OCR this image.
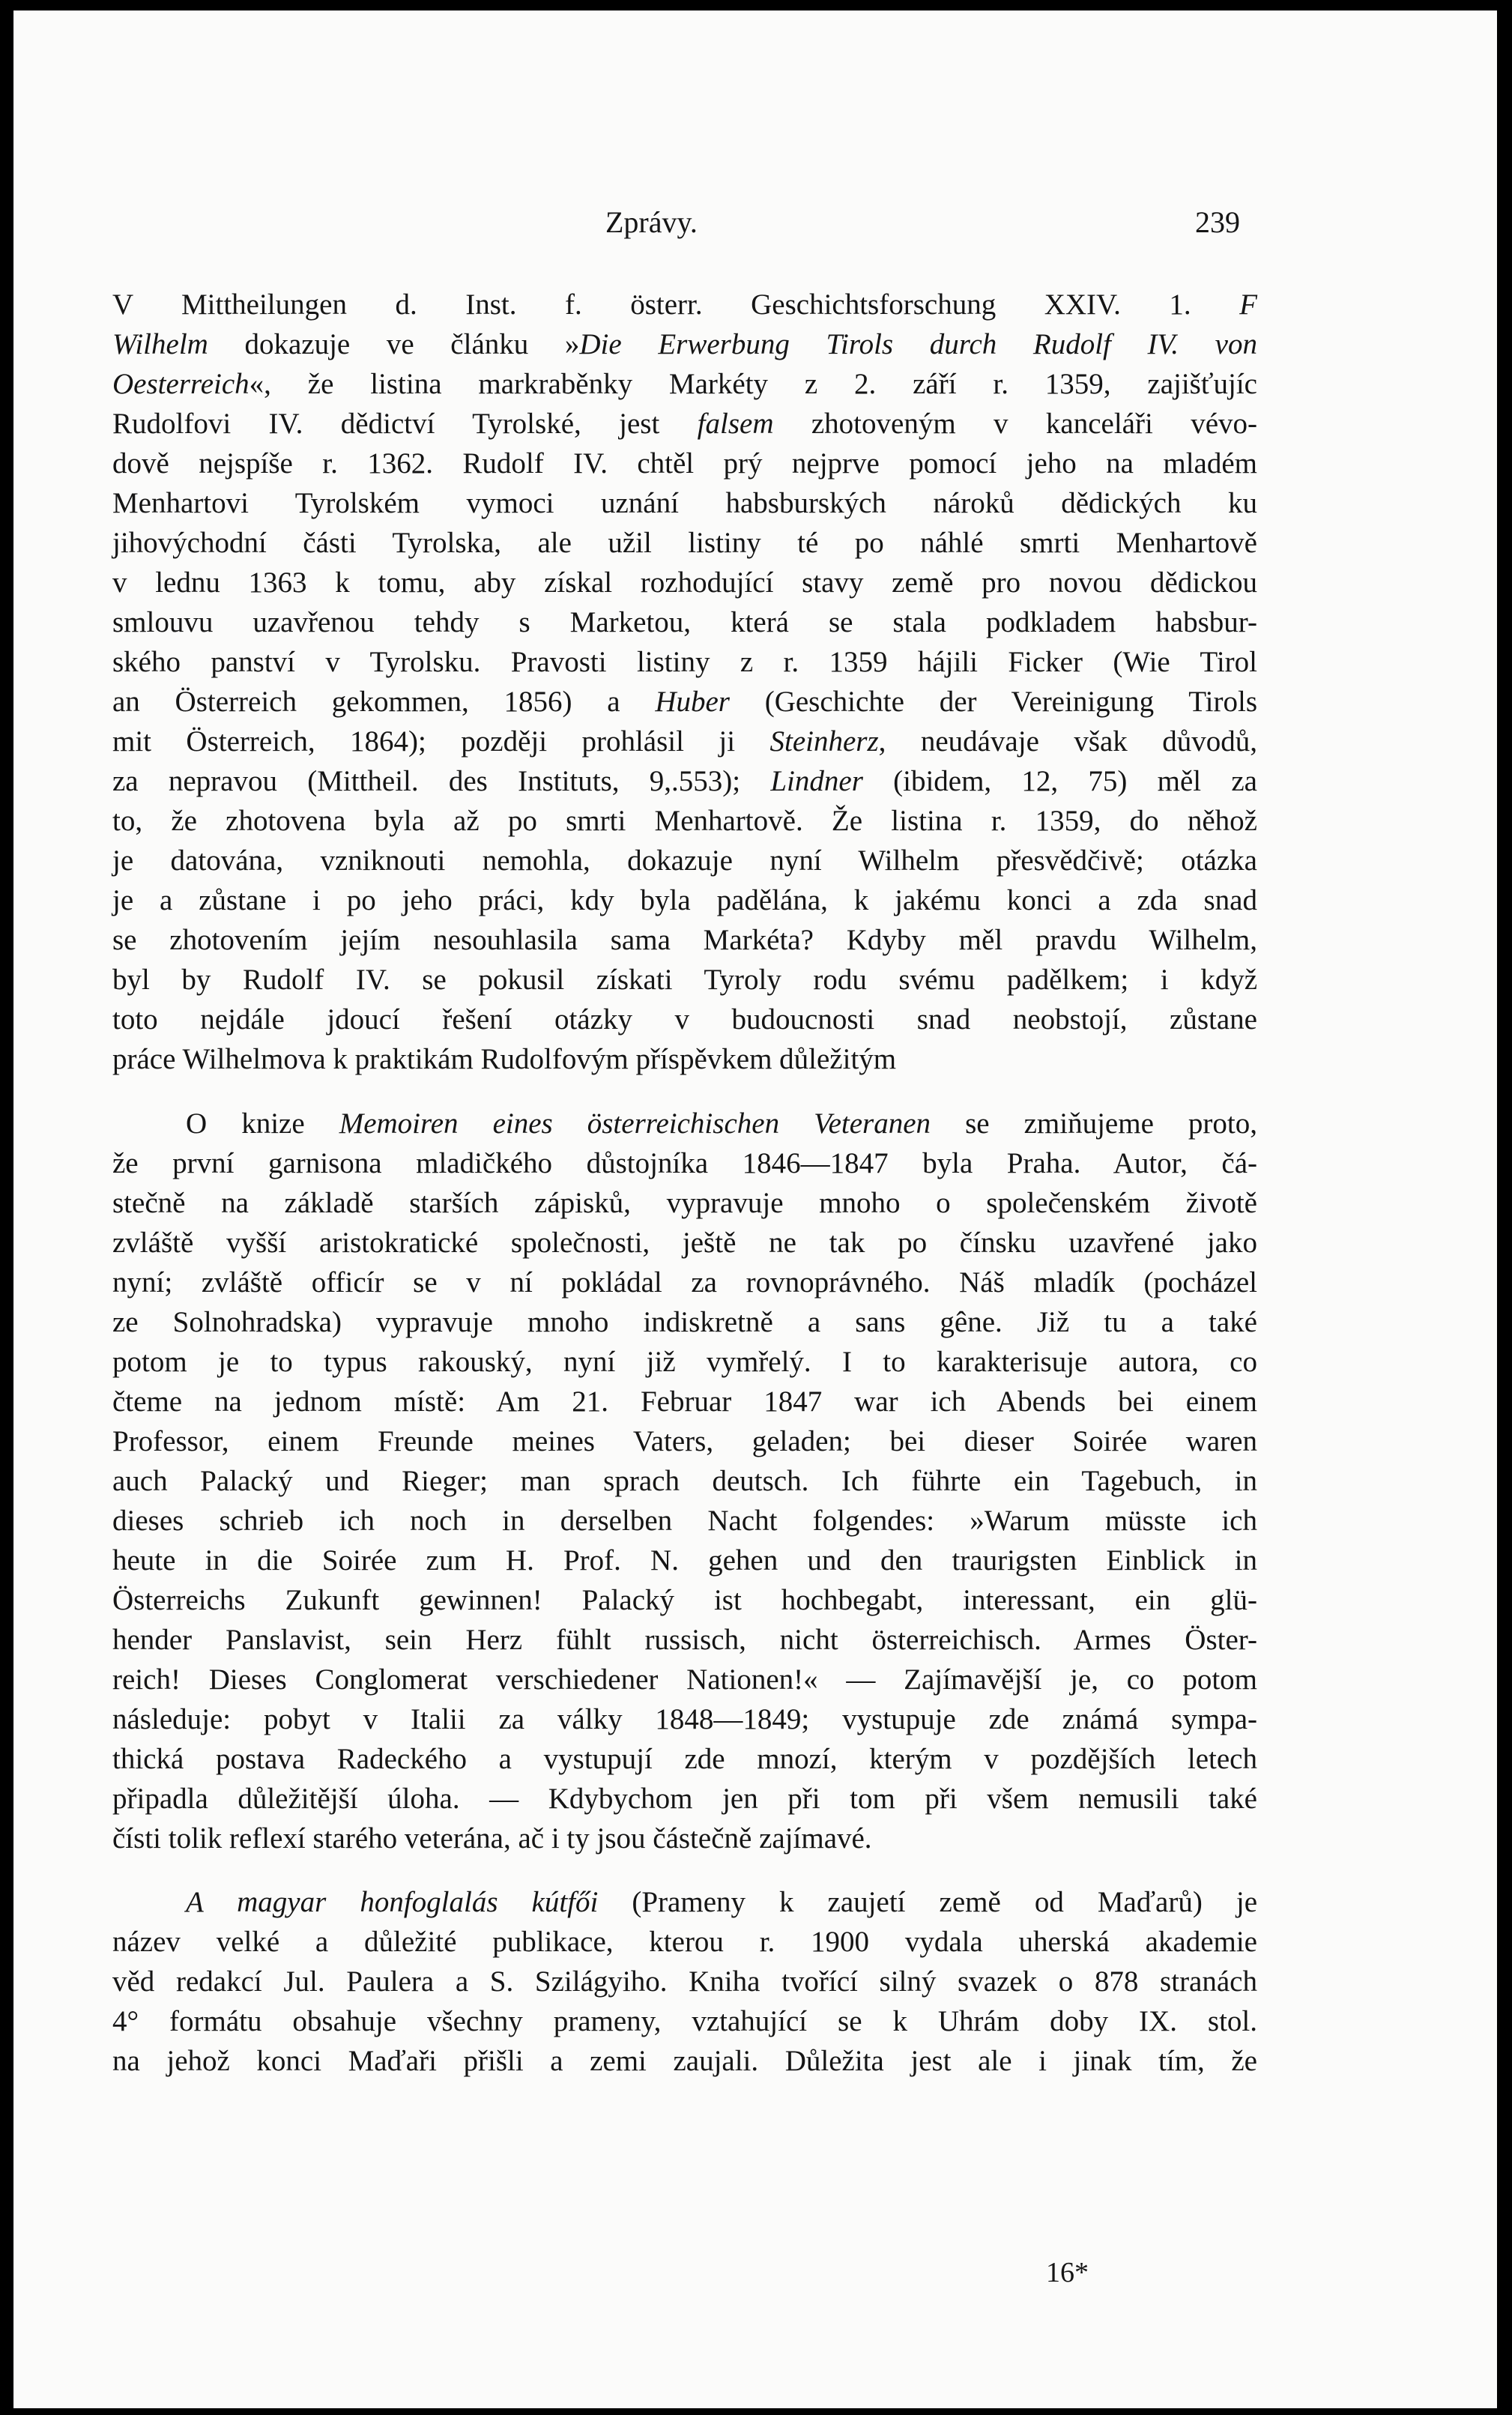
Zprávy.	239

V Mittheilungen d. Inst. f. österr. Geschichtsforschung XXIV. 1. F

Wilhelm dokazuje ve článku »Die Erwerbung Tirols durch Rudolf IV. von

Oesterreich«, že listina markraběnky Markéty z 2. září r. 1359, zajišťujíc

Rudolfovi IV. dědictví Tyrolské, jest falsem zhotoveným v kanceláři vévo-

dově nejspíše r. 1362. Rudolf IV. chtěl prý nejprve pomocí jeho na mladém

Menhartovi Tyrolském vymoci uznání habsburských nároků dědických ku

jihovýchodní části Tyrolska, ale užil listiny té po náhlé smrti Menhartově

v lednu 1363 k tomu, aby získal rozhodující stavy země pro novou dědickou

smlouvu uzavřenou tehdy s Marketou, která se stala podkladem habsbur-

ského panství v Tyrolsku. Pravosti listiny z r. 1359 hájili Ficker (Wie Tirol

an Österreich gekommen, 1856) a Huber (Geschichte der Vereinigung Tirols

mit Österreich, 1864); později prohlásil ji Steinherz, neudávaje však důvodů,

za nepravou (Mittheil. des Instituts, 9,.553); Lindner (ibidem, 12, 75) měl za

to, že zhotovena byla až po smrti Menhartově. Že listina r. 1359, do něhož

je datována, vzniknouti nemohla, dokazuje nyní Wilhelm přesvědčivě; otázka

je a zůstane i po jeho práci, kdy byla padělána, k jakému konci a zda snad

se zhotovením jejím nesouhlasila sama Markéta? Kdyby měl pravdu Wilhelm,

byl by Rudolf IV. se pokusil získati Tyroly rodu svému padělkem; i když

toto nejdále jdoucí řešení otázky v budoucnosti snad neobstojí, zůstane

práce Wilhelmova k praktikám Rudolfovým příspěvkem důležitým

O knize Memoiren eines österreichischen Veteranen se zmiňujeme proto,

že první garnisona mladičkého důstojníka 1846—1847 byla Praha. Autor, čá-

stečně na základě starších zápisků, vypravuje mnoho o společenském životě

zvláště vyšší aristokratické společnosti, ještě ne tak po čínsku uzavřené jako

nyní; zvláště officír se v ní pokládal za rovnoprávného. Náš mladík (pocházel

ze Solnohradska) vypravuje mnoho indiskretně a sans gêne. Již tu a také

potom je to typus rakouský, nyní již vymřelý. I to karakterisuje autora, co

čteme na jednom místě: Am 21. Februar 1847 war ich Abends bei einem

Professor, einem Freunde meines Vaters, geladen; bei dieser Soirée waren

auch Palacký und Rieger; man sprach deutsch. Ich führte ein Tagebuch, in

dieses schrieb ich noch in derselben Nacht folgendes: »Warum müsste ich

heute in die Soirée zum H. Prof. N. gehen und den traurigsten Einblick in

Österreichs Zukunft gewinnen! Palacký ist hochbegabt, interessant, ein glü-

hender Panslavist, sein Herz fühlt russisch, nicht österreichisch. Armes Öster-

reich! Dieses Conglomerat verschiedener Nationen!« — Zajímavější je, co potom

následuje: pobyt v Italii za války 1848—1849; vystupuje zde známá sympa-

thická postava Radeckého a vystupují zde mnozí, kterým v pozdějších letech

připadla důležitější úloha. — Kdybychom jen při tom při všem nemusili také

čísti tolik reflexí starého veterána, ač i ty jsou částečně zajímavé.

A magyar honfoglalás kútfői (Prameny k zaujetí země od Maďarů) je

název velké a důležité publikace, kterou r. 1900 vydala uherská akademie

věd redakcí Jul. Paulera a S. Szilágyiho. Kniha tvořící silný svazek o 878 stranách

4° formátu obsahuje všechny prameny, vztahující se k Uhrám doby IX. stol.

na jehož konci Maďaři přišli a zemi zaujali. Důležita jest ale i jinak tím, že

16*
